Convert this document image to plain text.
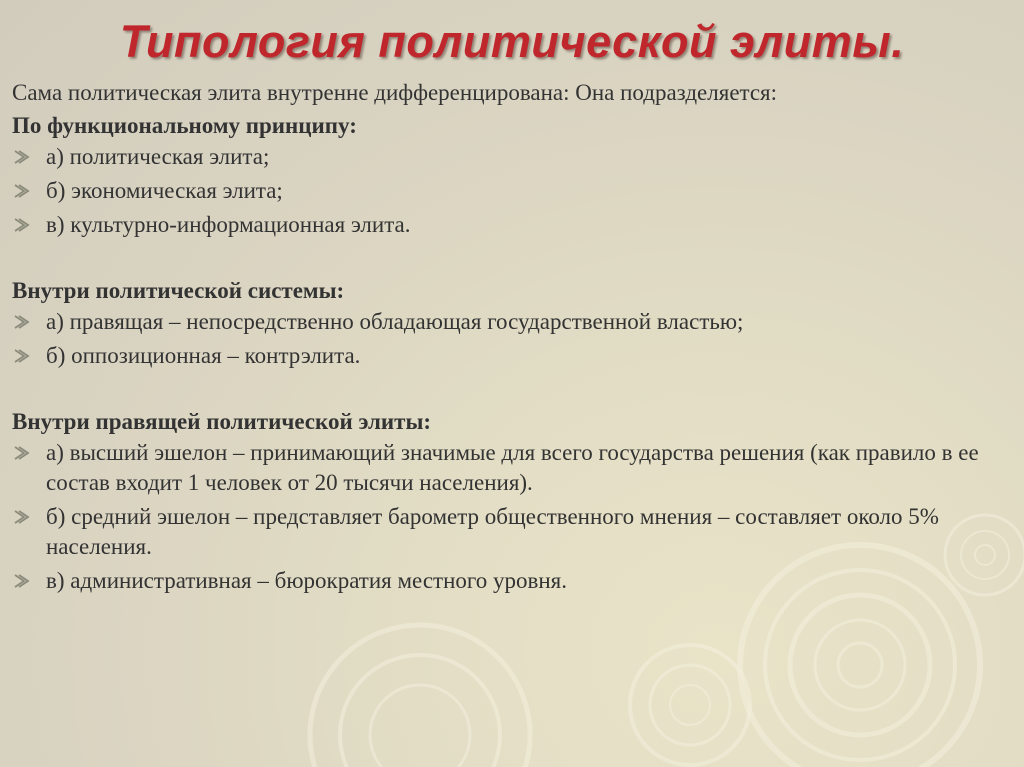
Типология политической элиты.

Сама политическая элита внутренне дифференцирована: Она подразделяется:

По функциональному принципу:

а) политическая элита;
б) экономическая элита;
в) культурно-информационная элита.

Внутри политической системы:

а) правящая – непосредственно обладающая государственной властью;
б) оппозиционная – контрэлита.

Внутри правящей политической элиты:

а) высший эшелон – принимающий значимые для всего государства решения (как правило в ее состав входит 1 человек от 20 тысячи населения).
б) средний эшелон – представляет барометр общественного мнения – составляет около 5% населения.
в) административная – бюрократия местного уровня.
